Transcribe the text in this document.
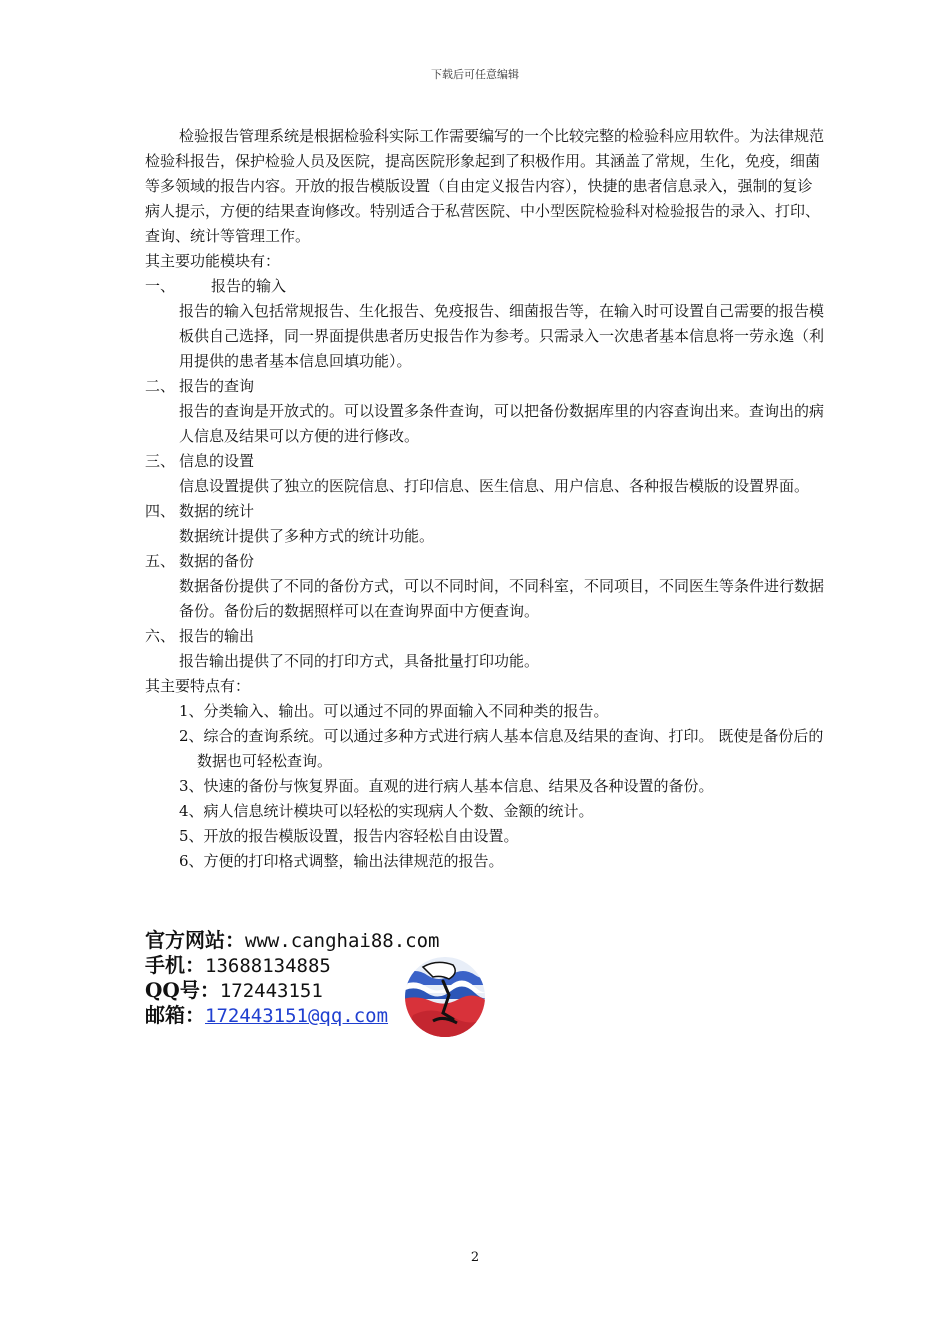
下载后可任意编辑

检验报告管理系统是根据检验科实际工作需要编写的一个比较完整的检验科应用软件。为法律规范检验科报告，保护检验人员及医院，提高医院形象起到了积极作用。其涵盖了常规，生化，免疫，细菌等多领域的报告内容。开放的报告模版设置（自由定义报告内容），快捷的患者信息录入，强制的复诊病人提示，方便的结果查询修改。特别适合于私营医院、中小型医院检验科对检验报告的录入、打印、查询、统计等管理工作。

其主要功能模块有：

一、	报告的输入

报告的输入包括常规报告、生化报告、免疫报告、细菌报告等，在输入时可设置自己需要的报告模板供自己选择，同一界面提供患者历史报告作为参考。只需录入一次患者基本信息将一劳永逸（利用提供的患者基本信息回填功能）。

二、 报告的查询

报告的查询是开放式的。可以设置多条件查询，可以把备份数据库里的内容查询出来。查询出的病人信息及结果可以方便的进行修改。

三、 信息的设置

信息设置提供了独立的医院信息、打印信息、医生信息、用户信息、各种报告模版的设置界面。

四、 数据的统计

数据统计提供了多种方式的统计功能。

五、 数据的备份

数据备份提供了不同的备份方式，可以不同时间，不同科室，不同项目，不同医生等条件进行数据备份。备份后的数据照样可以在查询界面中方便查询。

六、 报告的输出

报告输出提供了不同的打印方式，具备批量打印功能。

其主要特点有：

1、分类输入、输出。可以通过不同的界面输入不同种类的报告。

2、综合的查询系统。可以通过多种方式进行病人基本信息及结果的查询、打印。 既使是备份后的数据也可轻松查询。

3、快速的备份与恢复界面。直观的进行病人基本信息、结果及各种设置的备份。

4、病人信息统计模块可以轻松的实现病人个数、金额的统计。

5、开放的报告模版设置，报告内容轻松自由设置。

6、方便的打印格式调整，输出法律规范的报告。

官方网站：www.canghai88.com
手机：13688134885
QQ号：172443151
邮箱：172443151@qq.com
2
